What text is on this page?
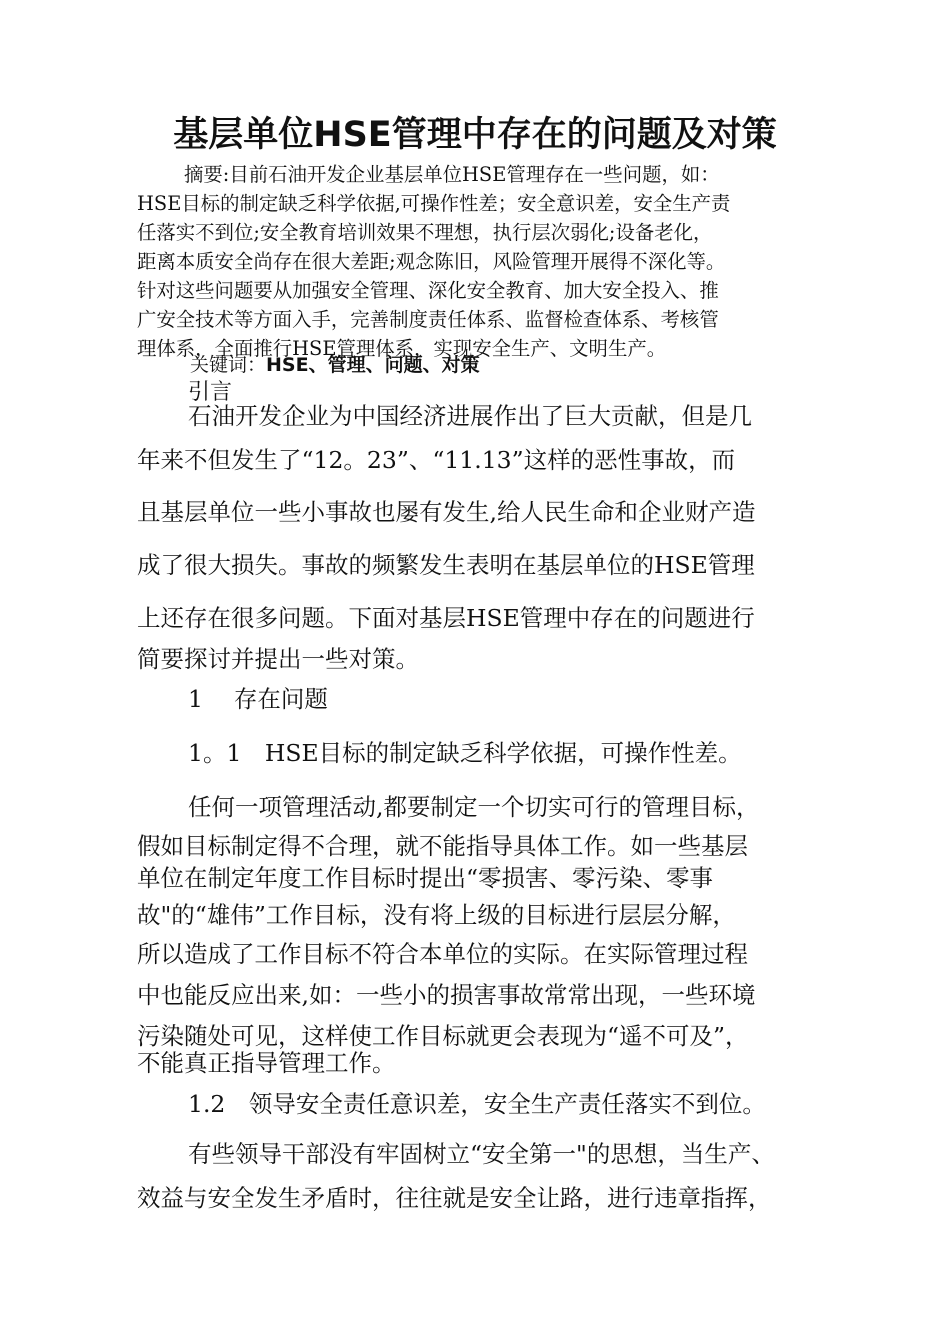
基层单位HSE管理中存在的问题及对策
摘要:目前石油开发企业基层单位HSE管理存在一些问题，如：
HSE目标的制定缺乏科学依据,可操作性差；安全意识差，安全生产责
任落实不到位;安全教育培训效果不理想，执行层次弱化;设备老化，
距离本质安全尚存在很大差距;观念陈旧，风险管理开展得不深化等。
针对这些问题要从加强安全管理、深化安全教育、加大安全投入、推
广安全技术等方面入手，完善制度责任体系、监督检查体系、考核管
理体系，全面推行HSE管理体系，实现安全生产、文明生产。
关键词：HSE、管理、问题、对策
引言
石油开发企业为中国经济进展作出了巨大贡献，但是几
年来不但发生了“12。23”、“11.13”这样的恶性事故，而
且基层单位一些小事故也屡有发生,给人民生命和企业财产造
成了很大损失。事故的频繁发生表明在基层单位的HSE管理
上还存在很多问题。下面对基层HSE管理中存在的问题进行
简要探讨并提出一些对策。
1　 存在问题
1。1　HSE目标的制定缺乏科学依据，可操作性差。
任何一项管理活动,都要制定一个切实可行的管理目标，
假如目标制定得不合理，就不能指导具体工作。如一些基层
单位在制定年度工作目标时提出“零损害、零污染、零事
故"的“雄伟”工作目标，没有将上级的目标进行层层分解，
所以造成了工作目标不符合本单位的实际。在实际管理过程
中也能反应出来,如：一些小的损害事故常常出现，一些环境
污染随处可见，这样使工作目标就更会表现为“遥不可及”，
不能真正指导管理工作。
1.2　领导安全责任意识差，安全生产责任落实不到位。
有些领导干部没有牢固树立“安全第一"的思想，当生产、
效益与安全发生矛盾时，往往就是安全让路，进行违章指挥，
